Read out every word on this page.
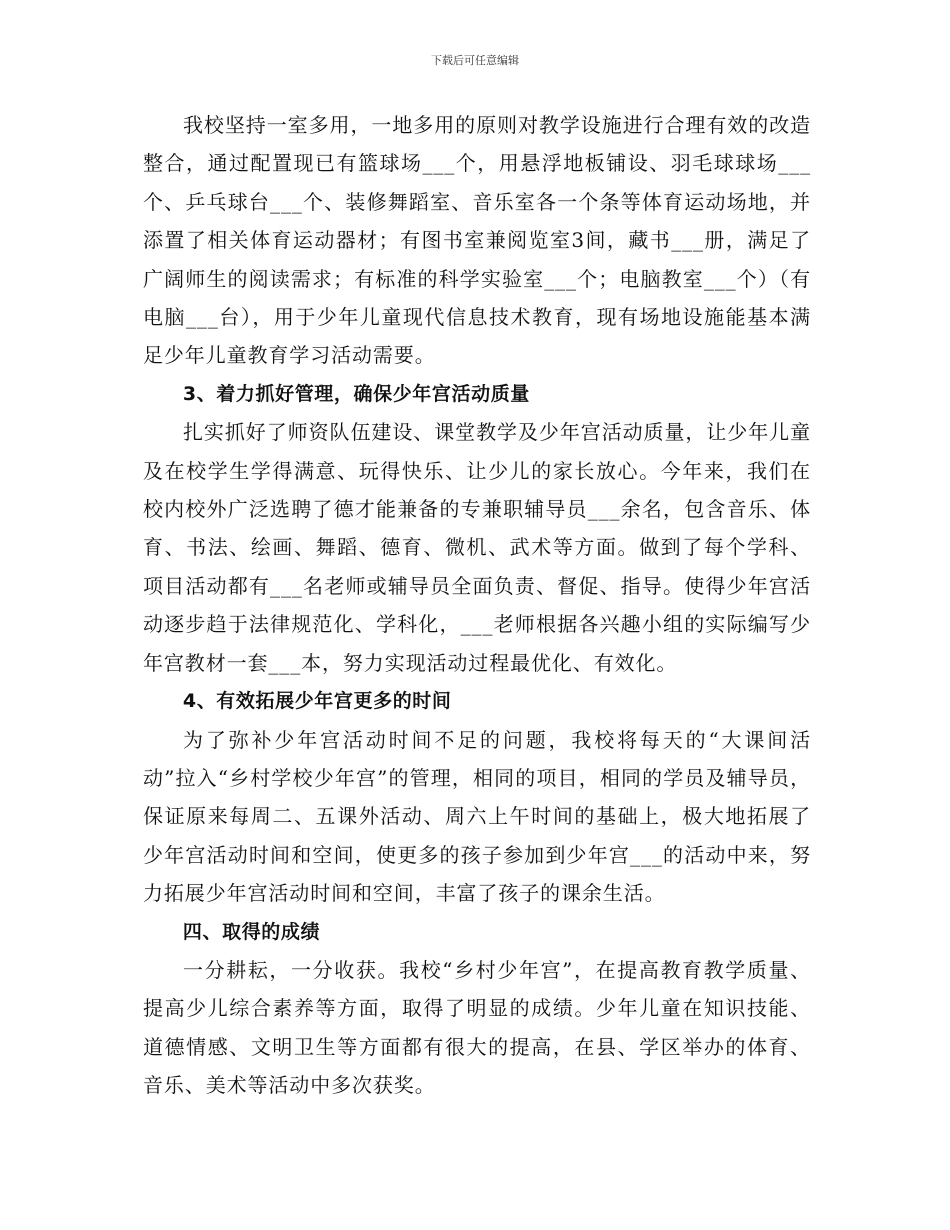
下载后可任意编辑

我校坚持一室多用，一地多用的原则对教学设施进行合理有效的改造整合，通过配置现已有篮球场___个，用悬浮地板铺设、羽毛球球场___个、乒乓球台___个、装修舞蹈室、音乐室各一个条等体育运动场地，并添置了相关体育运动器材；有图书室兼阅览室3间，藏书___册，满足了广阔师生的阅读需求；有标准的科学实验室___个；电脑教室___个）（有电脑___台），用于少年儿童现代信息技术教育，现有场地设施能基本满足少年儿童教育学习活动需要。

3、着力抓好管理，确保少年宫活动质量

扎实抓好了师资队伍建设、课堂教学及少年宫活动质量，让少年儿童及在校学生学得满意、玩得快乐、让少儿的家长放心。今年来，我们在校内校外广泛选聘了德才能兼备的专兼职辅导员___余名，包含音乐、体育、书法、绘画、舞蹈、德育、微机、武术等方面。做到了每个学科、项目活动都有___名老师或辅导员全面负责、督促、指导。使得少年宫活动逐步趋于法律规范化、学科化，___老师根据各兴趣小组的实际编写少年宫教材一套___本，努力实现活动过程最优化、有效化。

4、有效拓展少年宫更多的时间

为了弥补少年宫活动时间不足的问题，我校将每天的“大课间活动”拉入“乡村学校少年宫”的管理，相同的项目，相同的学员及辅导员，保证原来每周二、五课外活动、周六上午时间的基础上，极大地拓展了少年宫活动时间和空间，使更多的孩子参加到少年宫___的活动中来，努力拓展少年宫活动时间和空间，丰富了孩子的课余生活。

四、取得的成绩

一分耕耘，一分收获。我校“乡村少年宫”，在提高教育教学质量、提高少儿综合素养等方面，取得了明显的成绩。少年儿童在知识技能、道德情感、文明卫生等方面都有很大的提高，在县、学区举办的体育、音乐、美术等活动中多次获奖。
